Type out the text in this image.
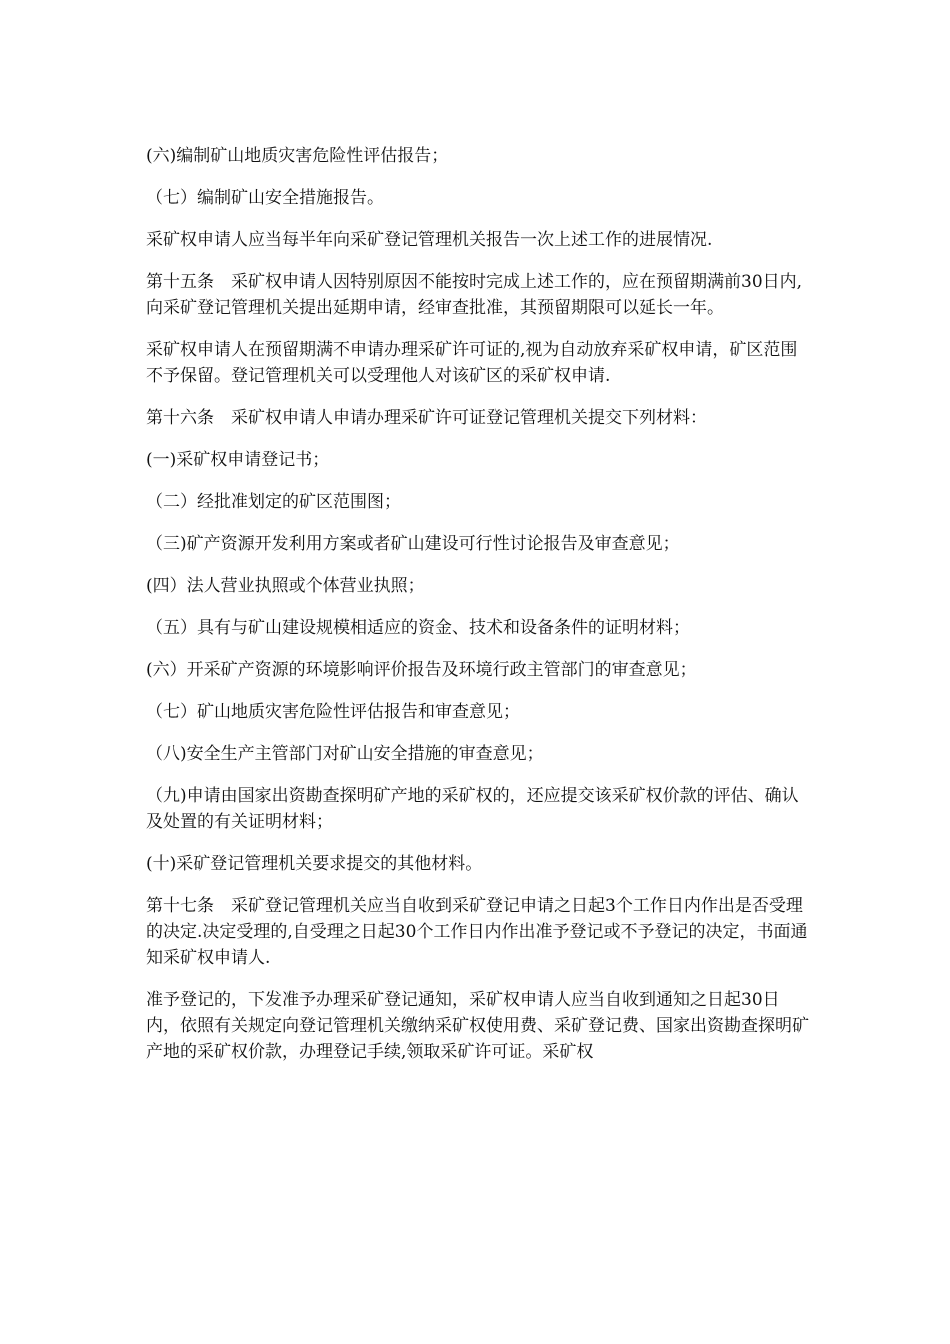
(六)编制矿山地质灾害危险性评估报告；

（七）编制矿山安全措施报告。

采矿权申请人应当每半年向采矿登记管理机关报告一次上述工作的进展情况.

第十五条　采矿权申请人因特别原因不能按时完成上述工作的，应在预留期满前30日内,向采矿登记管理机关提出延期申请，经审查批准，其预留期限可以延长一年。

采矿权申请人在预留期满不申请办理采矿许可证的,视为自动放弃采矿权申请，矿区范围不予保留。登记管理机关可以受理他人对该矿区的采矿权申请.

第十六条　采矿权申请人申请办理采矿许可证登记管理机关提交下列材料：

(一)采矿权申请登记书；

（二）经批准划定的矿区范围图；

（三)矿产资源开发利用方案或者矿山建设可行性讨论报告及审查意见；

(四）法人营业执照或个体营业执照；

（五）具有与矿山建设规模相适应的资金、技术和设备条件的证明材料；

(六）开采矿产资源的环境影响评价报告及环境行政主管部门的审查意见；

（七）矿山地质灾害危险性评估报告和审查意见；

（八)安全生产主管部门对矿山安全措施的审查意见；

（九)申请由国家出资勘查探明矿产地的采矿权的，还应提交该采矿权价款的评估、确认及处置的有关证明材料；

(十)采矿登记管理机关要求提交的其他材料。

第十七条　采矿登记管理机关应当自收到采矿登记申请之日起3个工作日内作出是否受理的决定.决定受理的,自受理之日起30个工作日内作出准予登记或不予登记的决定，书面通知采矿权申请人.

准予登记的，下发准予办理采矿登记通知，采矿权申请人应当自收到通知之日起30日内，依照有关规定向登记管理机关缴纳采矿权使用费、采矿登记费、国家出资勘查探明矿产地的采矿权价款，办理登记手续,领取采矿许可证。采矿权
